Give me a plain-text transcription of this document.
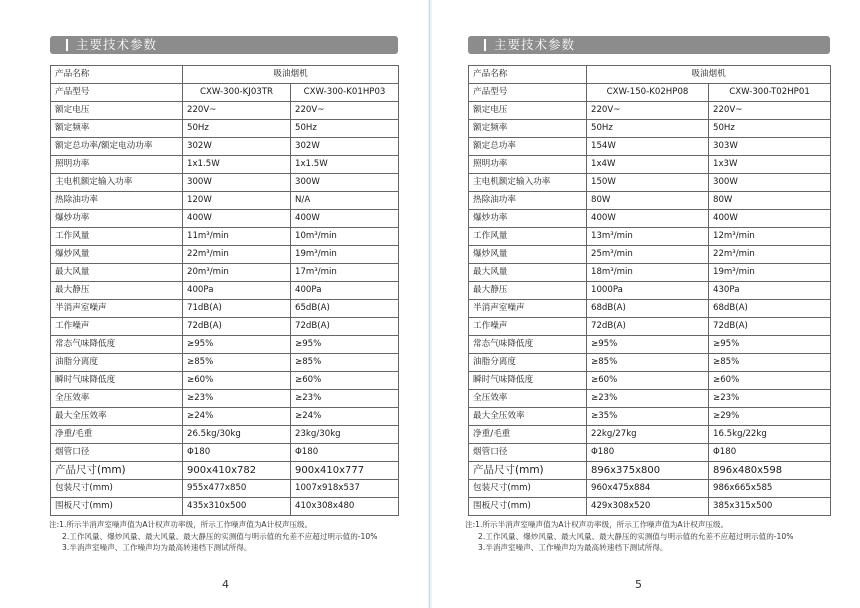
主要技术参数
产品名称	吸油烟机	
产品型号	CXW-300-KJ03TR	CXW-300-K01HP03
额定电压	220V~	220V~
额定频率	50Hz	50Hz
额定总功率/额定电动功率	302W	302W
照明功率	1x1.5W	1x1.5W
主电机额定输入功率	300W	300W
热除油功率	120W	N/A
爆炒功率	400W	400W
工作风量	11m³/min	10m³/min
爆炒风量	22m³/min	19m³/min
最大风量	20m³/min	17m³/min
最大静压	400Pa	400Pa
半消声室噪声	71dB(A)	65dB(A)
工作噪声	72dB(A)	72dB(A)
常态气味降低度	≥95%	≥95%
油脂分离度	≥85%	≥85%
瞬时气味降低度	≥60%	≥60%
全压效率	≥23%	≥23%
最大全压效率	≥24%	≥24%
净重/毛重	26.5kg/30kg	23kg/30kg
烟管口径	Φ180	Φ180
产品尺寸(mm)	900x410x782	900x410x777
包装尺寸(mm)	955x477x850	1007x918x537
围板尺寸(mm)	435x310x500	410x308x480
注:1.所示半消声室噪声值为A计权声功率级，所示工作噪声值为A计权声压级。
2.工作风量、爆炒风量、最大风量、最大静压的实测值与明示值的允差不应超过明示值的-10%
3.半消声室噪声、工作噪声均为最高转速档下测试所得。
4
主要技术参数
产品名称	吸油烟机	
产品型号	CXW-150-K02HP08	CXW-300-T02HP01
额定电压	220V~	220V~
额定频率	50Hz	50Hz
额定总功率	154W	303W
照明功率	1x4W	1x3W
主电机额定输入功率	150W	300W
热除油功率	80W	80W
爆炒功率	400W	400W
工作风量	13m³/min	12m³/min
爆炒风量	25m³/min	22m³/min
最大风量	18m³/min	19m³/min
最大静压	1000Pa	430Pa
半消声室噪声	68dB(A)	68dB(A)
工作噪声	72dB(A)	72dB(A)
常态气味降低度	≥95%	≥95%
油脂分离度	≥85%	≥85%
瞬时气味降低度	≥60%	≥60%
全压效率	≥23%	≥23%
最大全压效率	≥35%	≥29%
净重/毛重	22kg/27kg	16.5kg/22kg
烟管口径	Φ180	Φ180
产品尺寸(mm)	896x375x800	896x480x598
包装尺寸(mm)	960x475x884	986x665x585
围板尺寸(mm)	429x308x520	385x315x500
注:1.所示半消声室噪声值为A计权声功率级，所示工作噪声值为A计权声压级。
2.工作风量、爆炒风量、最大风量、最大静压的实测值与明示值的允差不应超过明示值的-10%
3.半消声室噪声、工作噪声均为最高转速档下测试所得。
5
